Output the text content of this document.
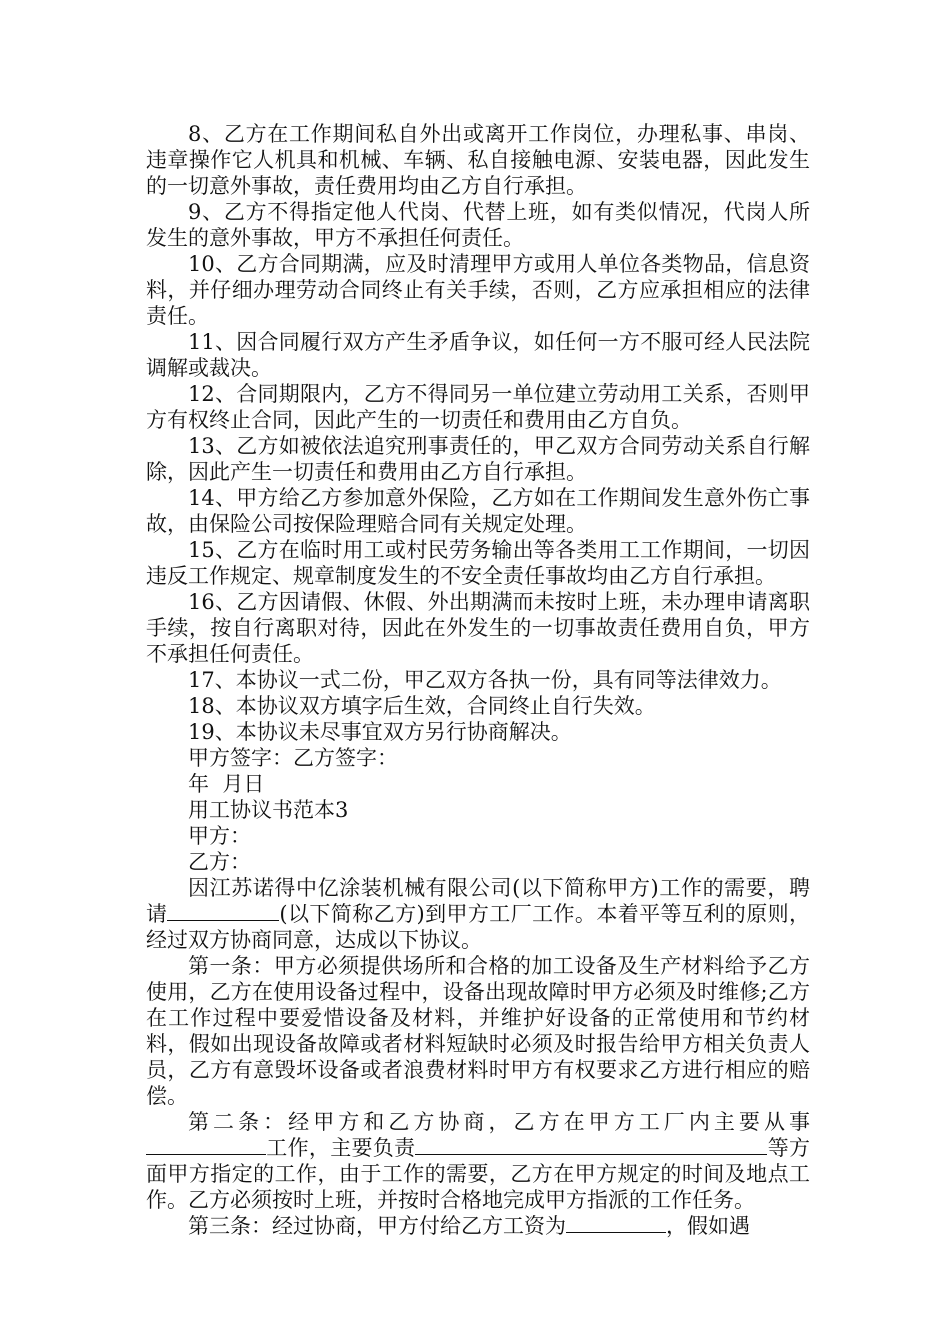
8、乙方在工作期间私自外出或离开工作岗位，办理私事、串岗、违章操作它人机具和机械、车辆、私自接触电源、安装电器，因此发生的一切意外事故，责任费用均由乙方自行承担。

9、乙方不得指定他人代岗、代替上班，如有类似情况，代岗人所发生的意外事故，甲方不承担任何责任。

10、乙方合同期满，应及时清理甲方或用人单位各类物品，信息资料，并仔细办理劳动合同终止有关手续，否则，乙方应承担相应的法律责任。

11、因合同履行双方产生矛盾争议，如任何一方不服可经人民法院调解或裁决。

12、合同期限内，乙方不得同另一单位建立劳动用工关系，否则甲方有权终止合同，因此产生的一切责任和费用由乙方自负。

13、乙方如被依法追究刑事责任的，甲乙双方合同劳动关系自行解除，因此产生一切责任和费用由乙方自行承担。

14、甲方给乙方参加意外保险，乙方如在工作期间发生意外伤亡事故，由保险公司按保险理赔合同有关规定处理。

15、乙方在临时用工或村民劳务输出等各类用工工作期间，一切因违反工作规定、规章制度发生的不安全责任事故均由乙方自行承担。

16、乙方因请假、休假、外出期满而未按时上班，未办理申请离职手续，按自行离职对待，因此在外发生的一切事故责任费用自负，甲方不承担任何责任。

17、本协议一式二份，甲乙双方各执一份，具有同等法律效力。

18、本协议双方填字后生效，合同终止自行失效。

19、本协议未尽事宜双方另行协商解决。

甲方签字：乙方签字：

年  月日

用工协议书范本3

甲方：

乙方：

因江苏诺得中亿涂装机械有限公司(以下简称甲方)工作的需要，聘请	(以下简称乙方)到甲方工厂工作。本着平等互利的原则，经过双方协商同意，达成以下协议。

第一条：甲方必须提供场所和合格的加工设备及生产材料给予乙方使用，乙方在使用设备过程中，设备出现故障时甲方必须及时维修;乙方在工作过程中要爱惜设备及材料，并维护好设备的正常使用和节约材料，假如出现设备故障或者材料短缺时必须及时报告给甲方相关负责人员，乙方有意毁坏设备或者浪费材料时甲方有权要求乙方进行相应的赔偿。

第二条：经甲方和乙方协商，乙方在甲方工厂内主要从事工作，主要负责	等方面甲方指定的工作，由于工作的需要，乙方在甲方规定的时间及地点工作。乙方必须按时上班，并按时合格地完成甲方指派的工作任务。

第三条：经过协商，甲方付给乙方工资为	，假如遇
